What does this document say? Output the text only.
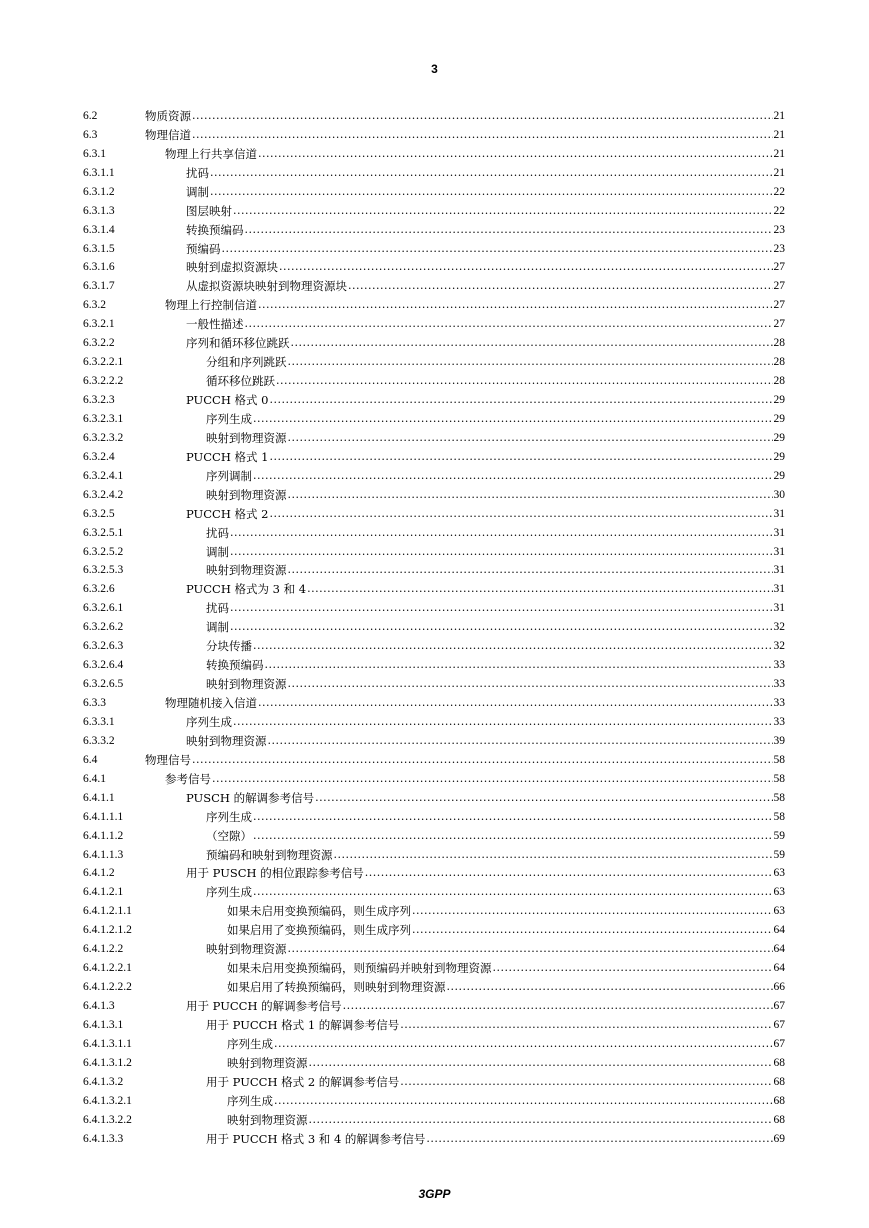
3
6.2	物质资源 .....	21
6.3	物理信道 .....	21
6.3.1	物理上行共享信道 .....	21
6.3.1.1	扰码 .....	21
6.3.1.2	调制 .....	22
6.3.1.3	图层映射 .....	22
6.3.1.4	转换预编码 .....	23
6.3.1.5	预编码 .....	23
6.3.1.6	映射到虚拟资源块 .....	27
6.3.1.7	从虚拟资源块映射到物理资源块 .....	27
6.3.2	物理上行控制信道 .....	27
6.3.2.1	一般性描述 .....	27
6.3.2.2	序列和循环移位跳跃 .....	28
6.3.2.2.1	分组和序列跳跃 .....	28
6.3.2.2.2	循环移位跳跃 .....	28
6.3.2.3	PUCCH 格式 0 .....	29
6.3.2.3.1	序列生成 .....	29
6.3.2.3.2	映射到物理资源 .....	29
6.3.2.4	PUCCH 格式 1 .....	29
6.3.2.4.1	序列调制 .....	29
6.3.2.4.2	映射到物理资源 .....	30
6.3.2.5	PUCCH 格式 2 .....	31
6.3.2.5.1	扰码 .....	31
6.3.2.5.2	调制 .....	31
6.3.2.5.3	映射到物理资源 .....	31
6.3.2.6	PUCCH 格式为 3 和 4 .....	31
6.3.2.6.1	扰码 .....	31
6.3.2.6.2	调制 .....	32
6.3.2.6.3	分块传播 .....	32
6.3.2.6.4	转换预编码 .....	33
6.3.2.6.5	映射到物理资源 .....	33
6.3.3	物理随机接入信道 .....	33
6.3.3.1	序列生成 .....	33
6.3.3.2	映射到物理资源 .....	39
6.4	物理信号 .....	58
6.4.1	参考信号 .....	58
6.4.1.1	PUSCH 的解调参考信号 .....	58
6.4.1.1.1	序列生成 .....	58
6.4.1.1.2	（空隙） .....	59
6.4.1.1.3	预编码和映射到物理资源 .....	59
6.4.1.2	用于 PUSCH 的相位跟踪参考信号 .....	63
6.4.1.2.1	序列生成 .....	63
6.4.1.2.1.1	如果未启用变换预编码，则生成序列 .....	63
6.4.1.2.1.2	如果启用了变换预编码，则生成序列 .....	64
6.4.1.2.2	映射到物理资源 .....	64
6.4.1.2.2.1	如果未启用变换预编码，则预编码并映射到物理资源 .....	64
6.4.1.2.2.2	如果启用了转换预编码，则映射到物理资源 .....	66
6.4.1.3	用于 PUCCH 的解调参考信号 .....	67
6.4.1.3.1	用于 PUCCH 格式 1 的解调参考信号 .....	67
6.4.1.3.1.1	序列生成 .....	67
6.4.1.3.1.2	映射到物理资源 .....	68
6.4.1.3.2	用于 PUCCH 格式 2 的解调参考信号 .....	68
6.4.1.3.2.1	序列生成 .....	68
6.4.1.3.2.2	映射到物理资源 .....	68
6.4.1.3.3	用于 PUCCH 格式 3 和 4 的解调参考信号 .....	69
3GPP
